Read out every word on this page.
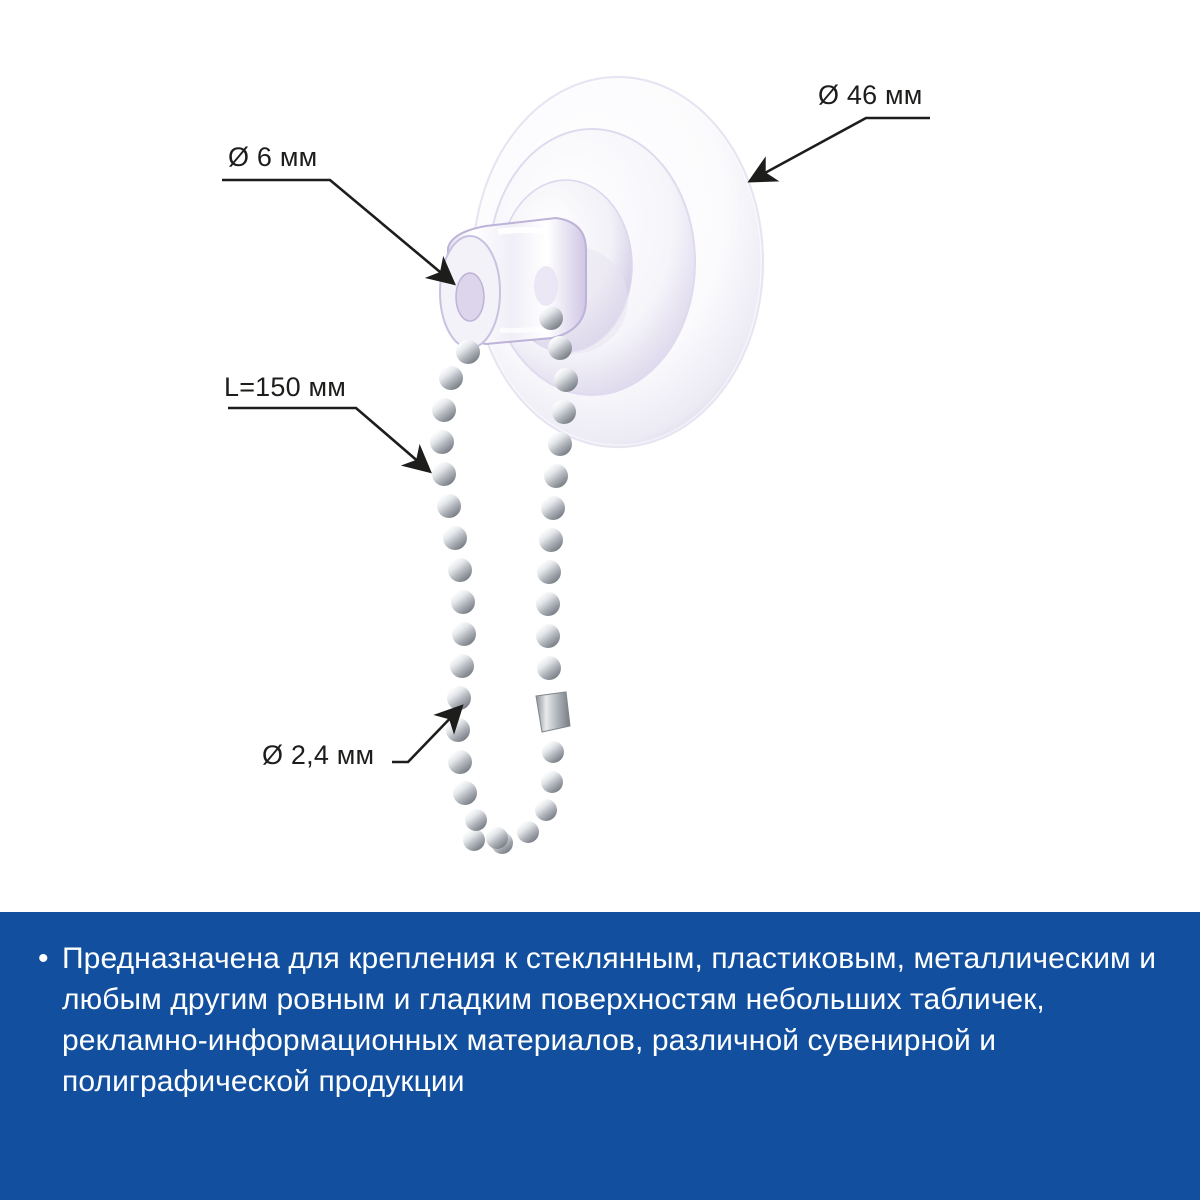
Ø 46 мм
Ø 6 мм
L=150 мм
Ø 2,4 мм
• Предназначена для крепления к стеклянным, пластиковым, металлическим и любым другим ровным и гладким поверхностям небольших табличек, рекламно-информационных материалов, различной сувенирной и полиграфической продукции
